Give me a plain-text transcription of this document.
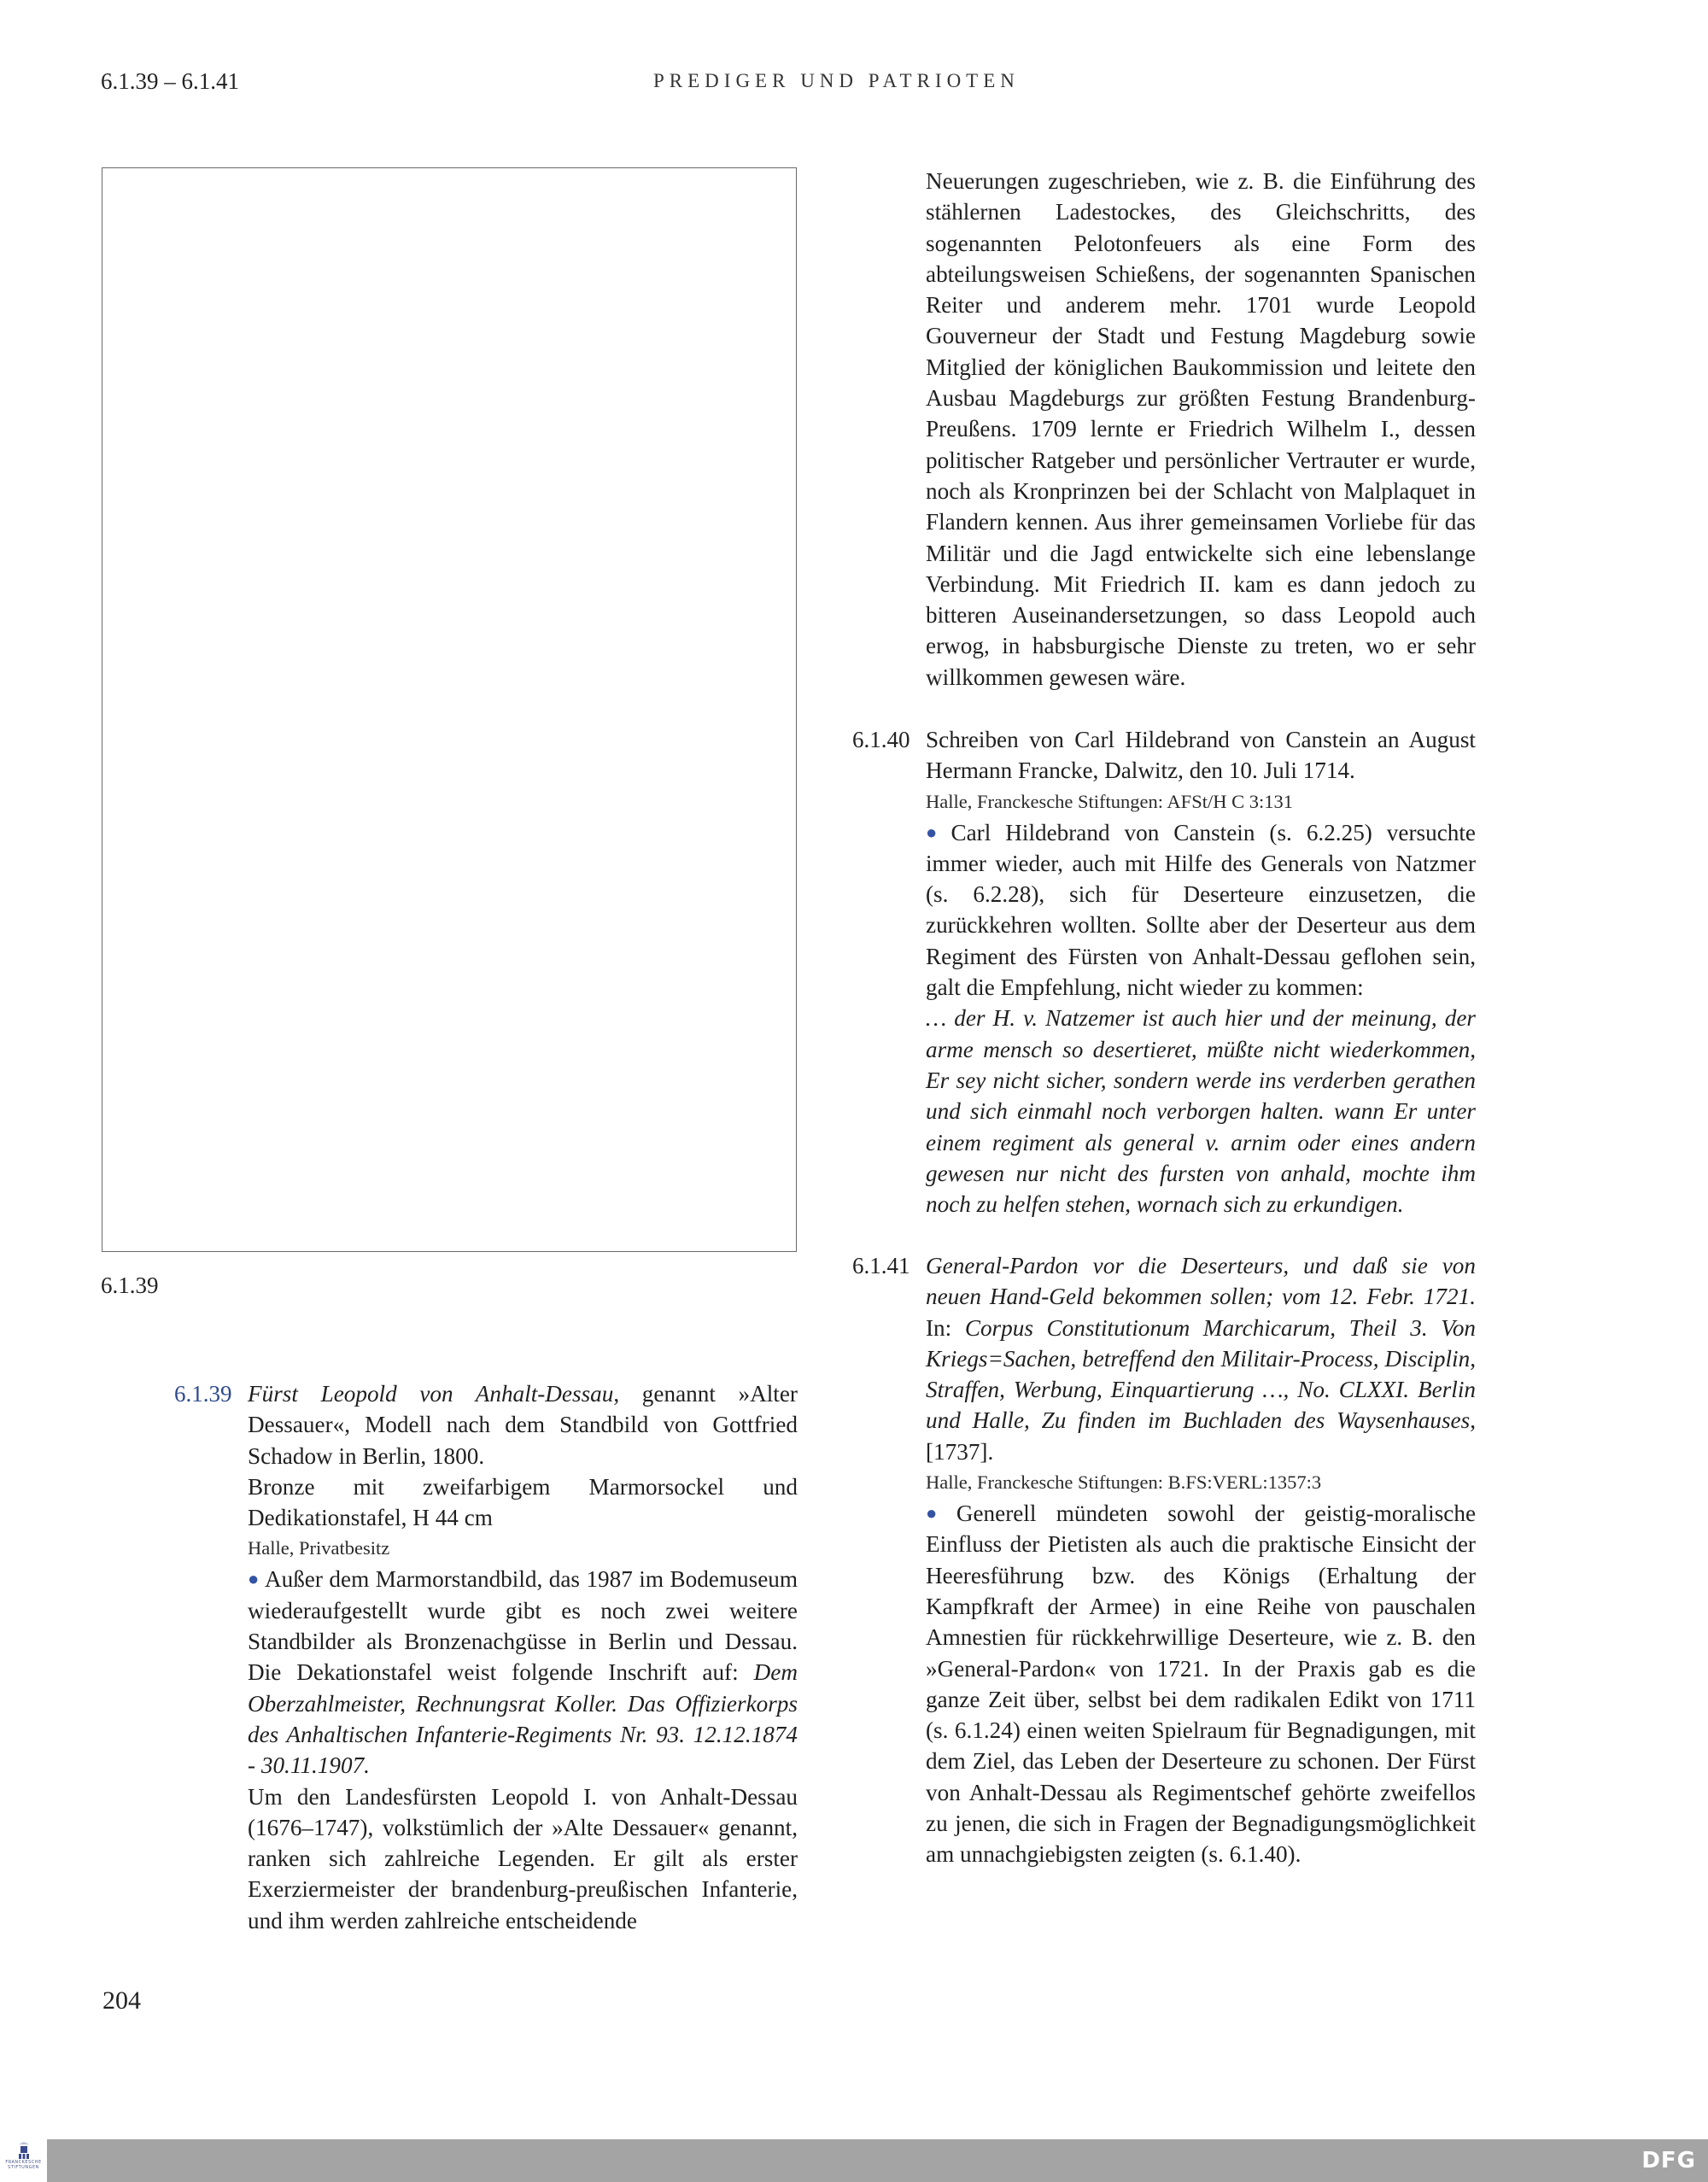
6.1.39 – 6.1.41	PREDIGER UND PATRIOTEN
6.1.39
6.1.39 Fürst Leopold von Anhalt-Dessau, genannt »Alter Dessauer«, Modell nach dem Standbild von Gottfried Schadow in Berlin, 1800.

Bronze mit zweifarbigem Marmorsockel und Dedikationstafel, H 44 cm

Halle, Privatbesitz

● Außer dem Marmorstandbild, das 1987 im Bodemuseum wiederaufgestellt wurde gibt es noch zwei weitere Standbilder als Bronzenachgüsse in Berlin und Dessau. Die Dekationstafel weist folgende Inschrift auf: Dem Oberzahlmeister, Rechnungsrat Koller. Das Offizierkorps des Anhaltischen Infanterie-Regiments Nr. 93. 12.12.1874 - 30.11.1907.

Um den Landesfürsten Leopold I. von Anhalt-Dessau (1676–1747), volkstümlich der »Alte Dessauer« genannt, ranken sich zahlreiche Legenden. Er gilt als erster Exerziermeister der brandenburg-preußischen Infanterie, und ihm werden zahlreiche entscheidende

Neuerungen zugeschrieben, wie z. B. die Einführung des stählernen Ladestockes, des Gleichschritts, des sogenannten Pelotonfeuers als eine Form des abteilungsweisen Schießens, der sogenannten Spanischen Reiter und anderem mehr. 1701 wurde Leopold Gouverneur der Stadt und Festung Magdeburg sowie Mitglied der königlichen Baukommission und leitete den Ausbau Magdeburgs zur größten Festung Brandenburg-Preußens. 1709 lernte er Friedrich Wilhelm I., dessen politischer Ratgeber und persönlicher Vertrauter er wurde, noch als Kronprinzen bei der Schlacht von Malplaquet in Flandern kennen. Aus ihrer gemeinsamen Vorliebe für das Militär und die Jagd entwickelte sich eine lebenslange Verbindung. Mit Friedrich II. kam es dann jedoch zu bitteren Auseinandersetzungen, so dass Leopold auch erwog, in habsburgische Dienste zu treten, wo er sehr willkommen gewesen wäre.

6.1.40 Schreiben von Carl Hildebrand von Canstein an August Hermann Francke, Dalwitz, den 10. Juli 1714.

Halle, Franckesche Stiftungen: AFSt/H C 3:131

● Carl Hildebrand von Canstein (s. 6.2.25) versuchte immer wieder, auch mit Hilfe des Generals von Natzmer (s. 6.2.28), sich für Deserteure einzusetzen, die zurückkehren wollten. Sollte aber der Deserteur aus dem Regiment des Fürsten von Anhalt-Dessau geflohen sein, galt die Empfehlung, nicht wieder zu kommen:

… der H. v. Natzemer ist auch hier und der meinung, der arme mensch so desertieret, müßte nicht wiederkommen, Er sey nicht sicher, sondern werde ins verderben gerathen und sich einmahl noch verborgen halten. wann Er unter einem regiment als general v. arnim oder eines andern gewesen nur nicht des fursten von anhald, mochte ihm noch zu helfen stehen, wornach sich zu erkundigen.

6.1.41 General-Pardon vor die Deserteurs, und daß sie von neuen Hand-Geld bekommen sollen; vom 12. Febr. 1721. In: Corpus Constitutionum Marchicarum, Theil 3. Von Kriegs=Sachen, betreffend den Militair-Process, Disciplin, Straffen, Werbung, Einquartierung …, No. CLXXI. Berlin und Halle, Zu finden im Buchladen des Waysenhauses, [1737].

Halle, Franckesche Stiftungen: B.FS:VERL:1357:3

● Generell mündeten sowohl der geistig-moralische Einfluss der Pietisten als auch die praktische Einsicht der Heeresführung bzw. des Königs (Erhaltung der Kampfkraft der Armee) in eine Reihe von pauschalen Amnestien für rückkehrwillige Deserteure, wie z. B. den »General-Pardon« von 1721. In der Praxis gab es die ganze Zeit über, selbst bei dem radikalen Edikt von 1711 (s. 6.1.24) einen weiten Spielraum für Begnadigungen, mit dem Ziel, das Leben der Deserteure zu schonen. Der Fürst von Anhalt-Dessau als Regimentschef gehörte zweifellos zu jenen, die sich in Fragen der Begnadigungsmöglichkeit am unnachgiebigsten zeigten (s. 6.1.40).

204
FRANCKESCHE
STIFTUNGEN	DFG
